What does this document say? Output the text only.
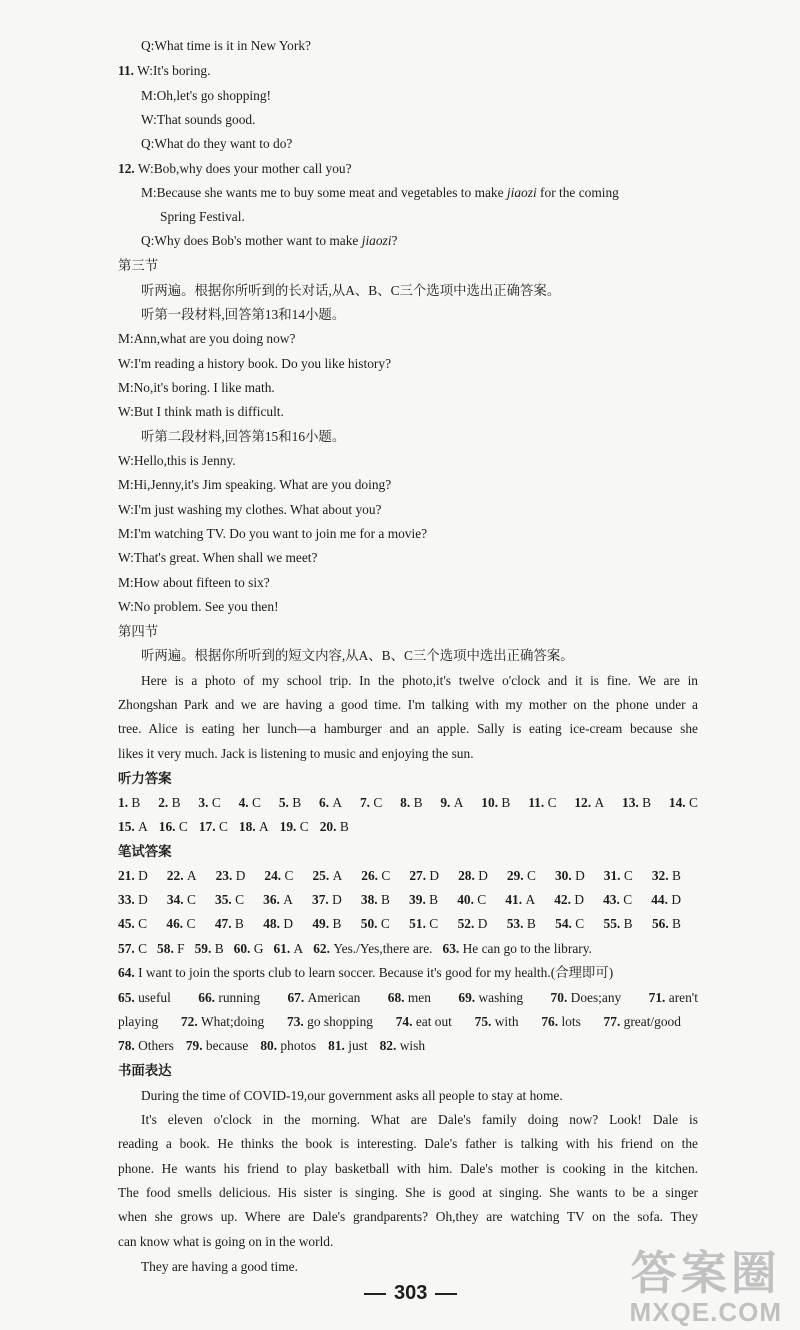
Q:What time is it in New York?
11. W:It's boring.
M:Oh,let's go shopping!
W:That sounds good.
Q:What do they want to do?
12. W:Bob,why does your mother call you?
M:Because she wants me to buy some meat and vegetables to make jiaozi for the coming
Spring Festival.
Q:Why does Bob's mother want to make jiaozi?
第三节
听两遍。根据你所听到的长对话,从A、B、C三个选项中选出正确答案。
听第一段材料,回答第13和14小题。
M:Ann,what are you doing now?
W:I'm reading a history book. Do you like history?
M:No,it's boring. I like math.
W:But I think math is difficult.
听第二段材料,回答第15和16小题。
W:Hello,this is Jenny.
M:Hi,Jenny,it's Jim speaking. What are you doing?
W:I'm just washing my clothes. What about you?
M:I'm watching TV. Do you want to join me for a movie?
W:That's great. When shall we meet?
M:How about fifteen to six?
W:No problem. See you then!
第四节
听两遍。根据你所听到的短文内容,从A、B、C三个选项中选出正确答案。
Here is a photo of my school trip. In the photo,it's twelve o'clock and it is fine. We are in
Zhongshan Park and we are having a good time. I'm talking with my mother on the phone under a
tree. Alice is eating her lunch—a hamburger and an apple. Sally is eating ice-cream because she
likes it very much. Jack is listening to music and enjoying the sun.
听力答案
1. B 2. B 3. C 4. C 5. B 6. A 7. C 8. B 9. A 10. B 11. C 12. A 13. B 14. C
15. A 16. C 17. C 18. A 19. C 20. B
笔试答案
21. D 22. A 23. D 24. C 25. A 26. C 27. D 28. D 29. C 30. D 31. C 32. B
33. D 34. C 35. C 36. A 37. D 38. B 39. B 40. C 41. A 42. D 43. C 44. D
45. C 46. C 47. B 48. D 49. B 50. C 51. C 52. D 53. B 54. C 55. B 56. B
57. C 58. F 59. B 60. G 61. A 62. Yes./Yes,there are. 63. He can go to the library.
64. I want to join the sports club to learn soccer. Because it's good for my health.(合理即可)
65. useful 66. running 67. American 68. men 69. washing 70. Does;any 71. aren't
playing 72. What;doing 73. go shopping 74. eat out 75. with 76. lots 77. great/good
78. Others 79. because 80. photos 81. just 82. wish
书面表达
During the time of COVID-19,our government asks all people to stay at home.
It's eleven o'clock in the morning. What are Dale's family doing now? Look! Dale is
reading a book. He thinks the book is interesting. Dale's father is talking with his friend on the
phone. He wants his friend to play basketball with him. Dale's mother is cooking in the kitchen.
The food smells delicious. His sister is singing. She is good at singing. She wants to be a singer
when she grows up. Where are Dale's grandparents? Oh,they are watching TV on the sofa. They
can know what is going on in the world.
They are having a good time.
303	答案圈
MXQE.COM
